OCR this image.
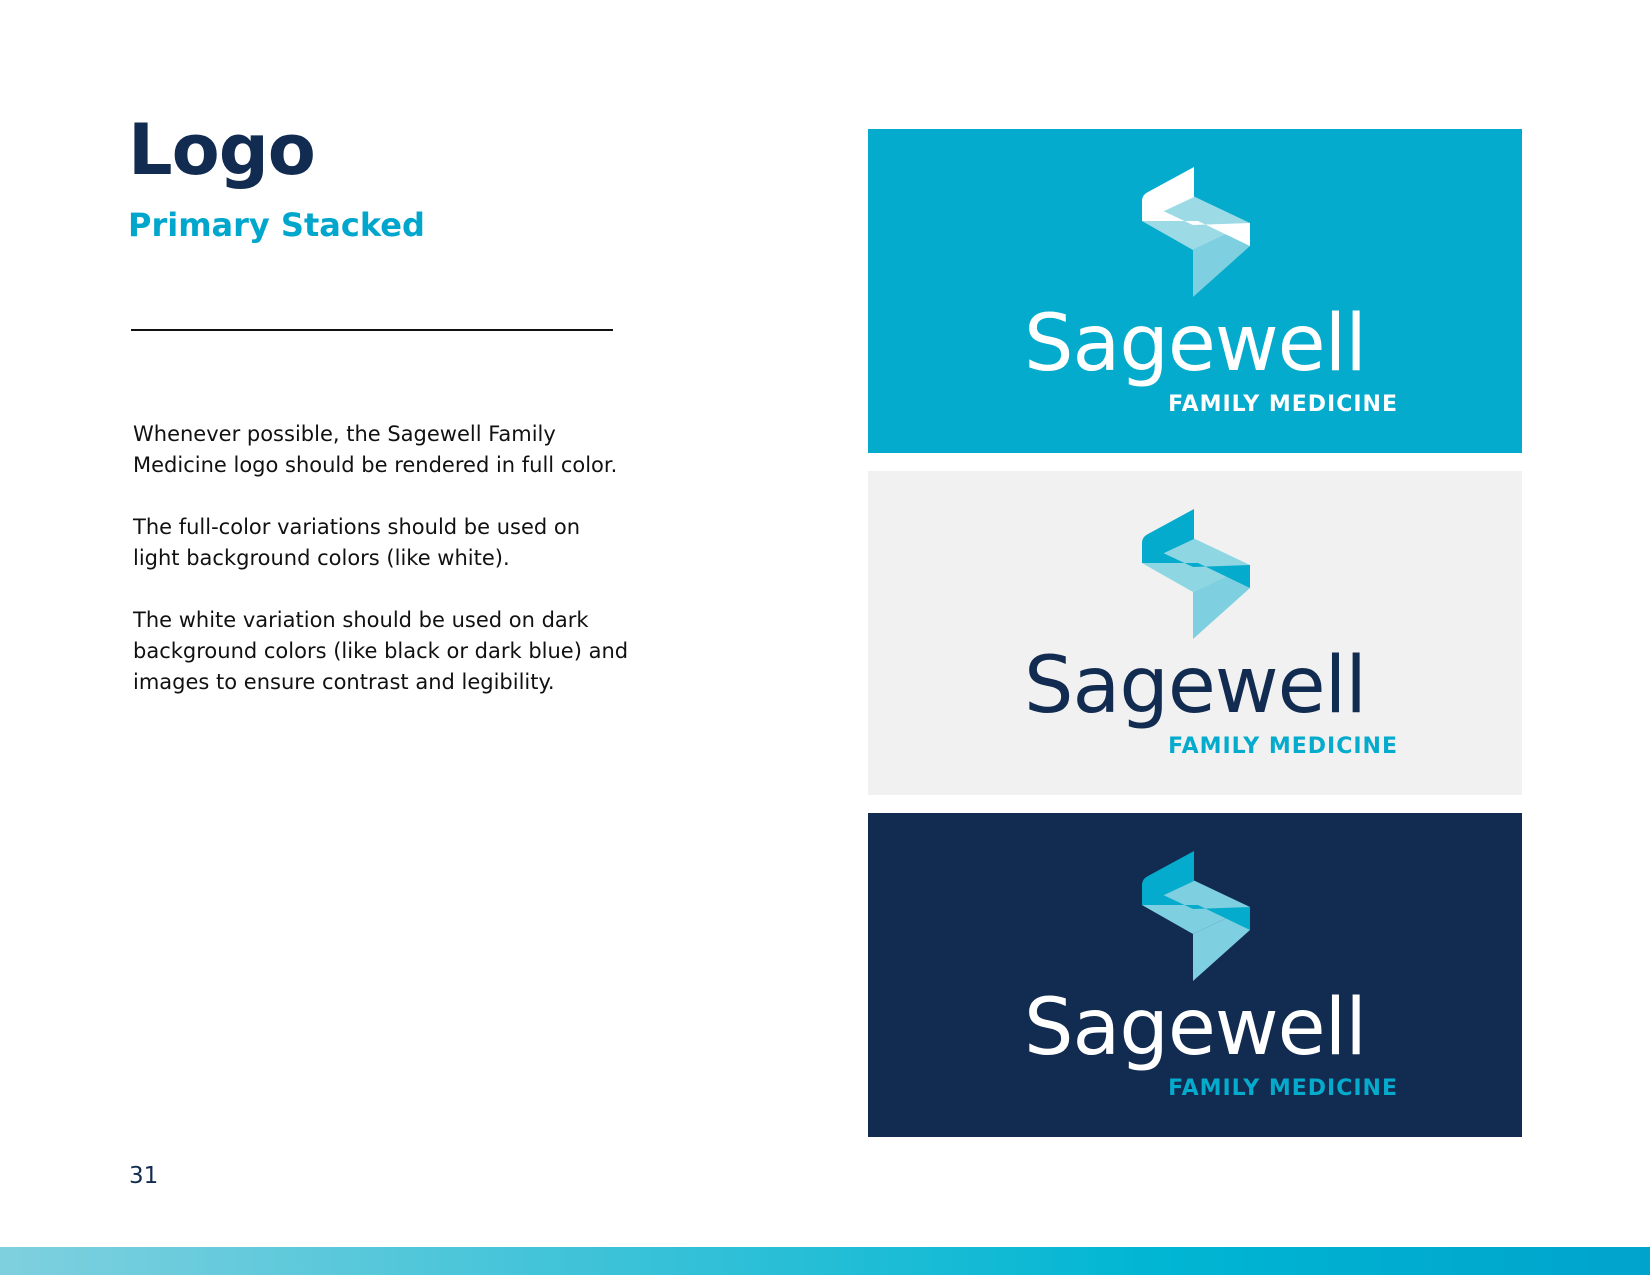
Logo
Primary Stacked

Whenever possible, the Sagewell Family Medicine logo should be rendered in full color.

The full-color variations should be used on light background colors (like white).

The white variation should be used on dark background colors (like black or dark blue) and images to ensure contrast and legibility.

31
Sagewell
FAMILY MEDICINE
Sagewell
FAMILY MEDICINE
Sagewell
FAMILY MEDICINE
